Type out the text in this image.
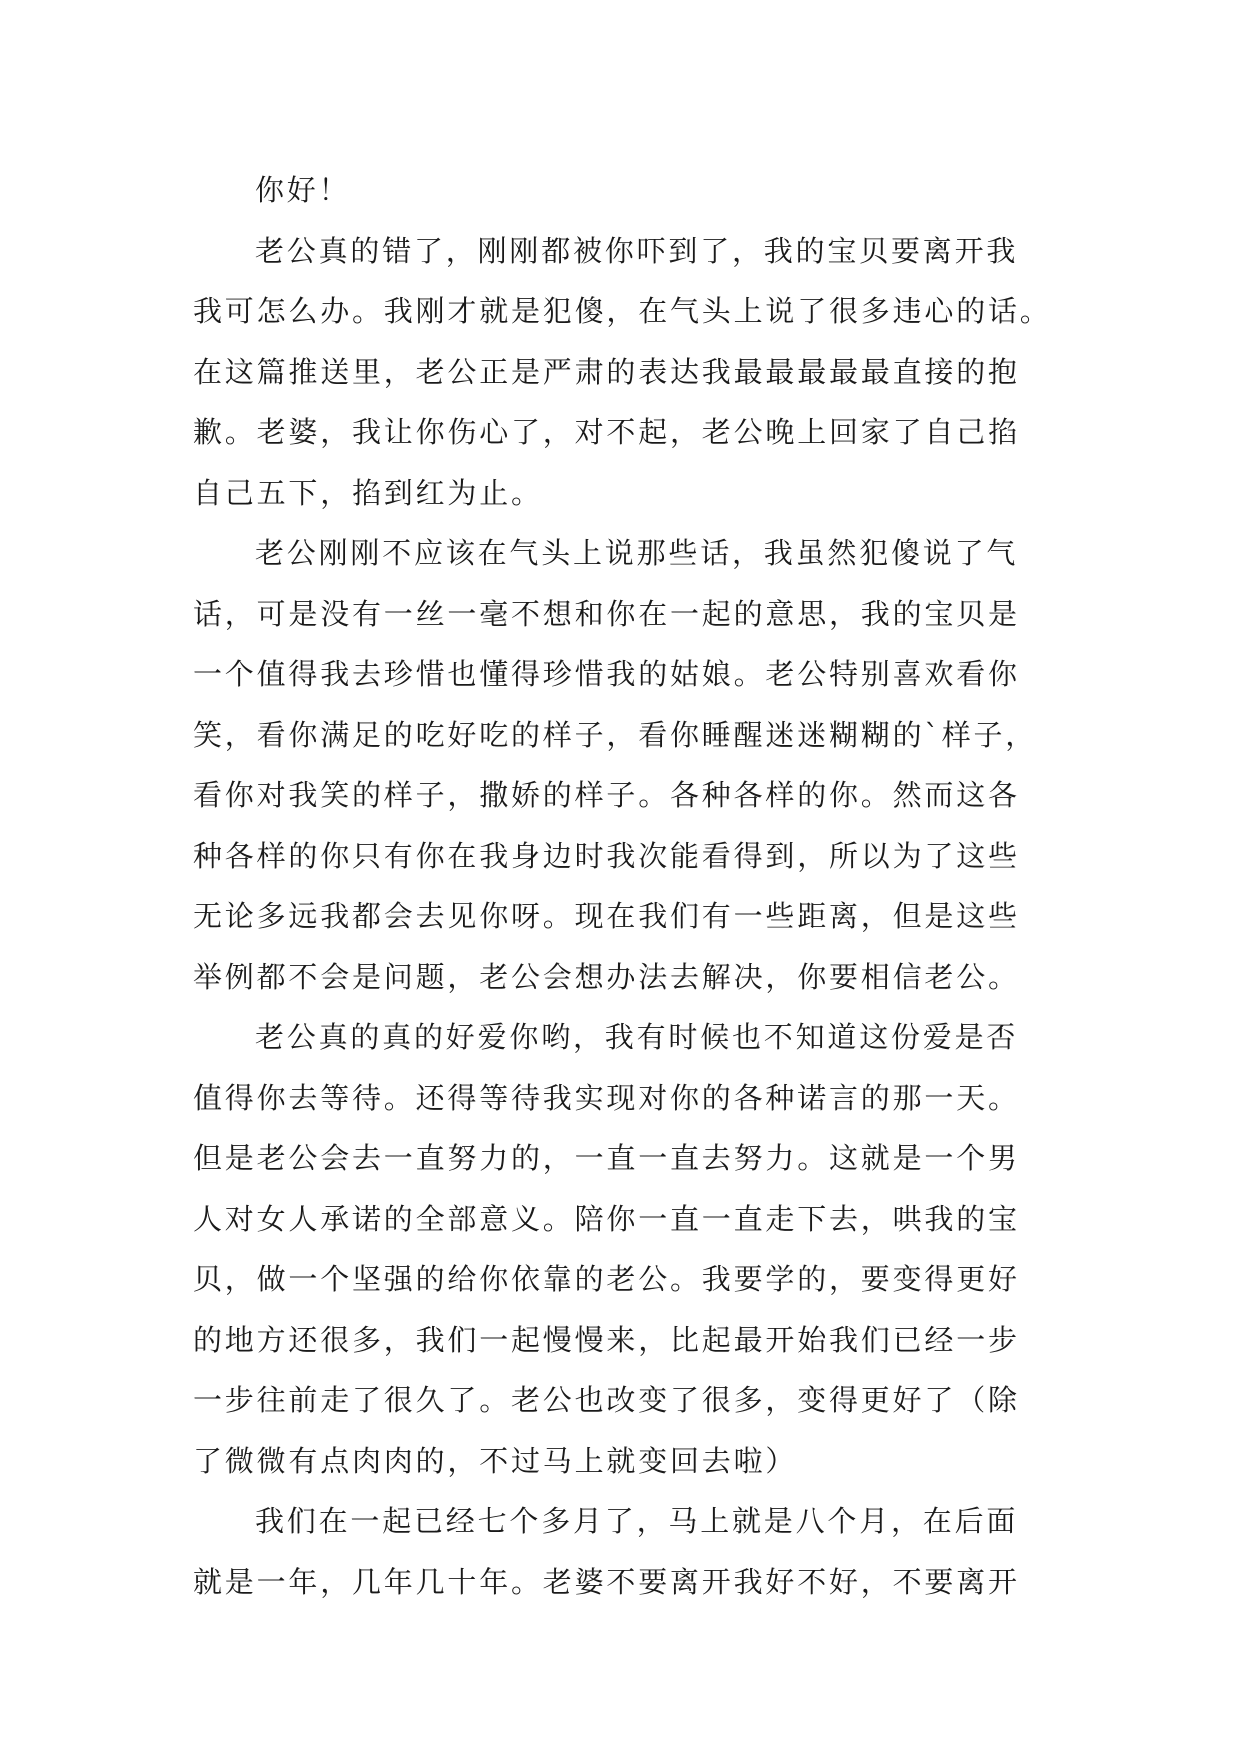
你好！
老公真的错了，刚刚都被你吓到了，我的宝贝要离开我
我可怎么办。我刚才就是犯傻，在气头上说了很多违心的话。
在这篇推送里，老公正是严肃的表达我最最最最最直接的抱
歉。老婆，我让你伤心了，对不起，老公晚上回家了自己掐
自己五下，掐到红为止。
老公刚刚不应该在气头上说那些话，我虽然犯傻说了气
话，可是没有一丝一毫不想和你在一起的意思，我的宝贝是
一个值得我去珍惜也懂得珍惜我的姑娘。老公特别喜欢看你
笑，看你满足的吃好吃的样子，看你睡醒迷迷糊糊的`样子，
看你对我笑的样子，撒娇的样子。各种各样的你。然而这各
种各样的你只有你在我身边时我次能看得到，所以为了这些
无论多远我都会去见你呀。现在我们有一些距离，但是这些
举例都不会是问题，老公会想办法去解决，你要相信老公。
老公真的真的好爱你哟，我有时候也不知道这份爱是否
值得你去等待。还得等待我实现对你的各种诺言的那一天。
但是老公会去一直努力的，一直一直去努力。这就是一个男
人对女人承诺的全部意义。陪你一直一直走下去，哄我的宝
贝，做一个坚强的给你依靠的老公。我要学的，要变得更好
的地方还很多，我们一起慢慢来，比起最开始我们已经一步
一步往前走了很久了。老公也改变了很多，变得更好了（除
了微微有点肉肉的，不过马上就变回去啦）
我们在一起已经七个多月了，马上就是八个月，在后面
就是一年，几年几十年。老婆不要离开我好不好，不要离开
